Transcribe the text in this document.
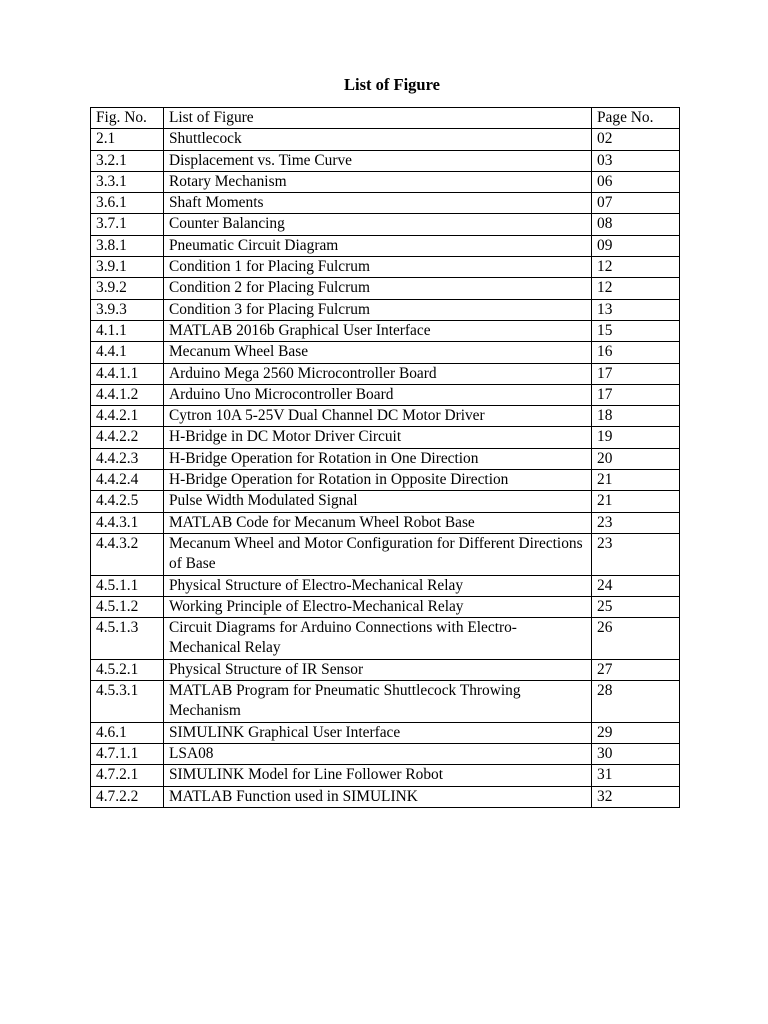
List of Figure
Fig. No.	List of Figure	Page No.
2.1	Shuttlecock	02
3.2.1	Displacement vs. Time Curve	03
3.3.1	Rotary Mechanism	06
3.6.1	Shaft Moments	07
3.7.1	Counter Balancing	08
3.8.1	Pneumatic Circuit Diagram	09
3.9.1	Condition 1 for Placing Fulcrum	12
3.9.2	Condition 2 for Placing Fulcrum	12
3.9.3	Condition 3 for Placing Fulcrum	13
4.1.1	MATLAB 2016b Graphical User Interface	15
4.4.1	Mecanum Wheel Base	16
4.4.1.1	Arduino Mega 2560 Microcontroller Board	17
4.4.1.2	Arduino Uno Microcontroller Board	17
4.4.2.1	Cytron 10A 5-25V Dual Channel DC Motor Driver	18
4.4.2.2	H-Bridge in DC Motor Driver Circuit	19
4.4.2.3	H-Bridge Operation for Rotation in One Direction	20
4.4.2.4	H-Bridge Operation for Rotation in Opposite Direction	21
4.4.2.5	Pulse Width Modulated Signal	21
4.4.3.1	MATLAB Code for Mecanum Wheel Robot Base	23
4.4.3.2	Mecanum Wheel and Motor Configuration for Different Directions of Base	23
4.5.1.1	Physical Structure of Electro-Mechanical Relay	24
4.5.1.2	Working Principle of Electro-Mechanical Relay	25
4.5.1.3	Circuit Diagrams for Arduino Connections with Electro-Mechanical Relay	26
4.5.2.1	Physical Structure of IR Sensor	27
4.5.3.1	MATLAB Program for Pneumatic Shuttlecock Throwing Mechanism	28
4.6.1	SIMULINK Graphical User Interface	29
4.7.1.1	LSA08	30
4.7.2.1	SIMULINK Model for Line Follower Robot	31
4.7.2.2	MATLAB Function used in SIMULINK	32
